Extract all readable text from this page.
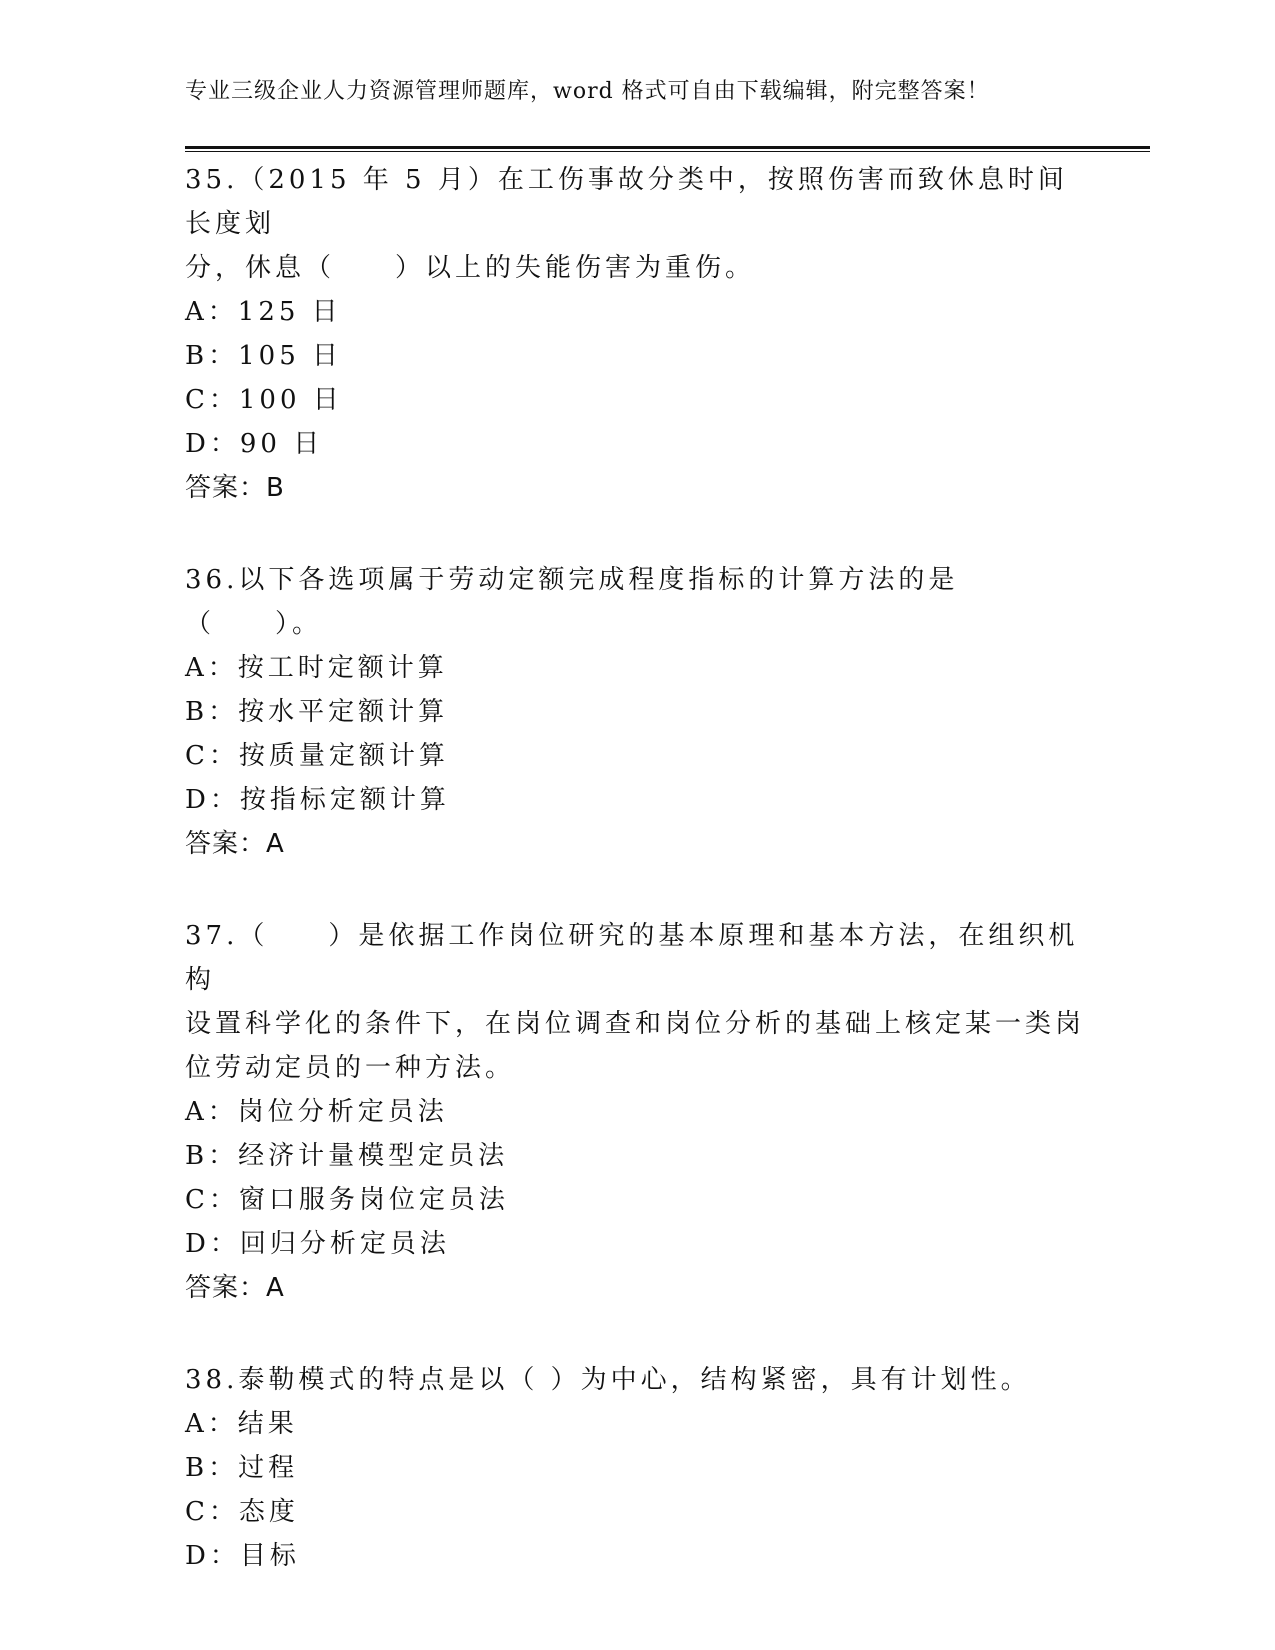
专业三级企业人力资源管理师题库，word 格式可自由下载编辑，附完整答案！
35.（2015 年 5 月）在工伤事故分类中，按照伤害而致休息时间长度划
分，休息（　　）以上的失能伤害为重伤。
A：125 日
B：105 日
C：100 日
D：90 日
答案：B
36.以下各选项属于劳动定额完成程度指标的计算方法的是（　　）。
A：按工时定额计算
B：按水平定额计算
C：按质量定额计算
D：按指标定额计算
答案：A
37.（　　）是依据工作岗位研究的基本原理和基本方法，在组织机构
设置科学化的条件下，在岗位调查和岗位分析的基础上核定某一类岗
位劳动定员的一种方法。
A：岗位分析定员法
B：经济计量模型定员法
C：窗口服务岗位定员法
D：回归分析定员法
答案：A
38.泰勒模式的特点是以（ ）为中心，结构紧密，具有计划性。
A：结果
B：过程
C：态度
D：目标
